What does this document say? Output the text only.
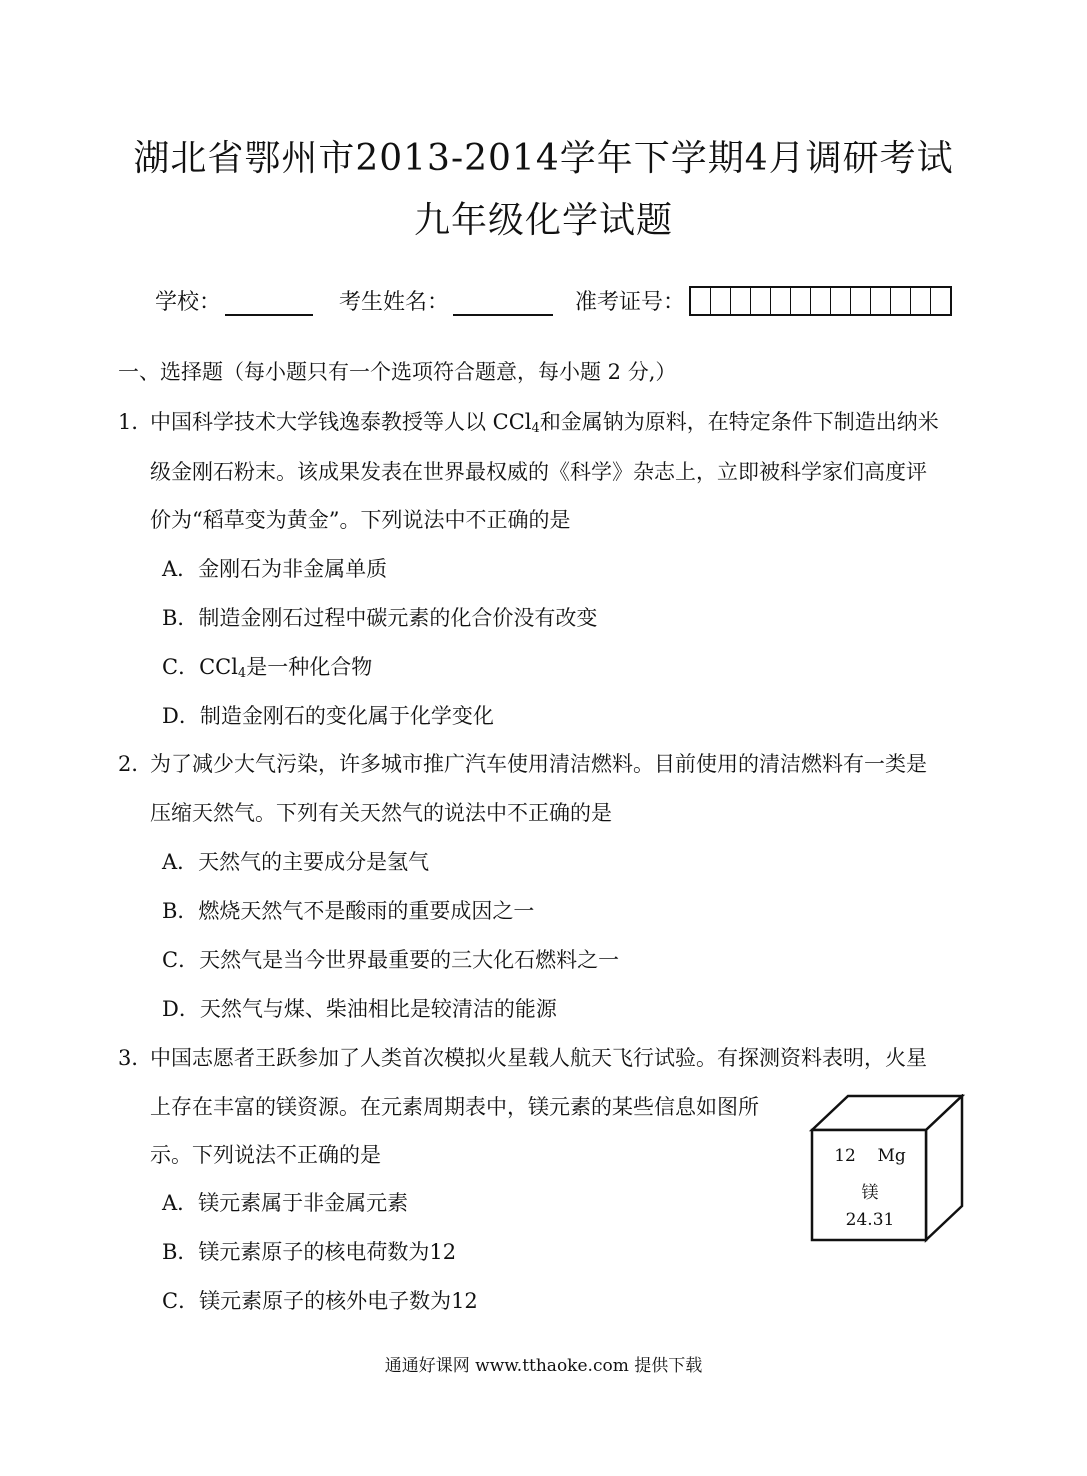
湖北省鄂州市2013-2014学年下学期4月调研考试
九年级化学试题
学校：	考生姓名：	准考证号：
一、选择题（每小题只有一个选项符合题意，每小题 2 分,）
1．
中国科学技术大学钱逸泰教授等人以 CCl$_4$和金属钠为原料，在特定条件下制造出纳米
级金刚石粉末。该成果发表在世界最权威的《科学》杂志上，立即被科学家们高度评
价为“稻草变为黄金”。下列说法中不正确的是
A．金刚石为非金属单质
B．制造金刚石过程中碳元素的化合价没有改变
C．CCl$_4$是一种化合物
D．制造金刚石的变化属于化学变化
2．
为了减少大气污染，许多城市推广汽车使用清洁燃料。目前使用的清洁燃料有一类是
压缩天然气。下列有关天然气的说法中不正确的是
A．天然气的主要成分是氢气
B．燃烧天然气不是酸雨的重要成因之一
C．天然气是当今世界最重要的三大化石燃料之一
D．天然气与煤、柴油相比是较清洁的能源
3．
中国志愿者王跃参加了人类首次模拟火星载人航天飞行试验。有探测资料表明，火星
上存在丰富的镁资源。在元素周期表中，镁元素的某些信息如图所
示。下列说法不正确的是
A．镁元素属于非金属元素
B．镁元素原子的核电荷数为12
C．镁元素原子的核外电子数为12
12 Mg
镁
24.31
通通好课网 www.tthaoke.com 提供下载
